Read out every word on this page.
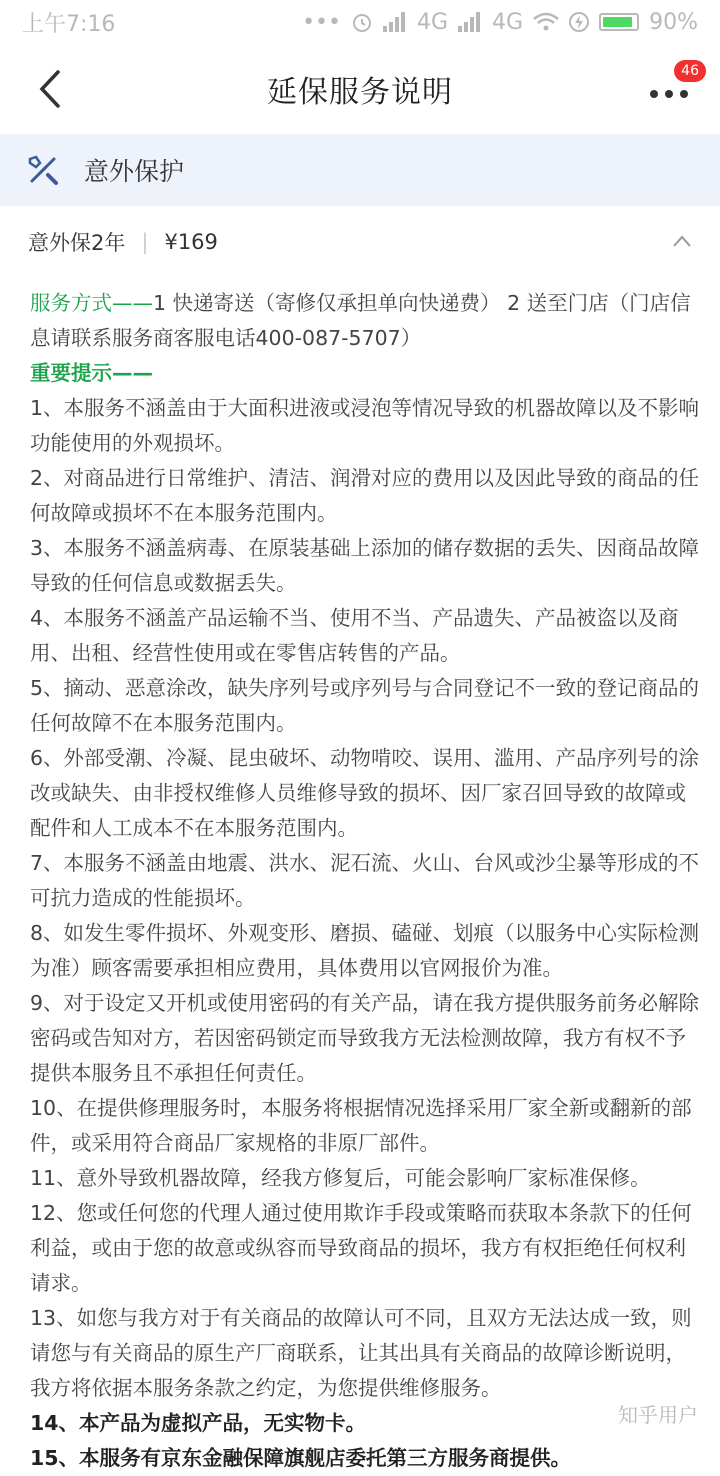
上午7:16	•••	4G 4G	90%
延保服务说明
46
意外保护
意外保2年 | ¥169

服务方式——1 快递寄送（寄修仅承担单向快递费） 2 送至门店（门店信息请联系服务商客服电话400-087-5707）

重要提示——

1、本服务不涵盖由于大面积进液或浸泡等情况导致的机器故障以及不影响功能使用的外观损坏。

2、对商品进行日常维护、清洁、润滑对应的费用以及因此导致的商品的任何故障或损坏不在本服务范围内。

3、本服务不涵盖病毒、在原装基础上添加的储存数据的丢失、因商品故障导致的任何信息或数据丢失。

4、本服务不涵盖产品运输不当、使用不当、产品遗失、产品被盗以及商用、出租、经营性使用或在零售店转售的产品。

5、摘动、恶意涂改，缺失序列号或序列号与合同登记不一致的登记商品的任何故障不在本服务范围内。

6、外部受潮、冷凝、昆虫破坏、动物啃咬、误用、滥用、产品序列号的涂改或缺失、由非授权维修人员维修导致的损坏、因厂家召回导致的故障或配件和人工成本不在本服务范围内。

7、本服务不涵盖由地震、洪水、泥石流、火山、台风或沙尘暴等形成的不可抗力造成的性能损坏。

8、如发生零件损坏、外观变形、磨损、磕碰、划痕（以服务中心实际检测为准）顾客需要承担相应费用，具体费用以官网报价为准。

9、对于设定又开机或使用密码的有关产品，请在我方提供服务前务必解除密码或告知对方，若因密码锁定而导致我方无法检测故障，我方有权不予提供本服务且不承担任何责任。

10、在提供修理服务时，本服务将根据情况选择采用厂家全新或翻新的部件，或采用符合商品厂家规格的非原厂部件。

11、意外导致机器故障，经我方修复后，可能会影响厂家标准保修。

12、您或任何您的代理人通过使用欺诈手段或策略而获取本条款下的任何利益，或由于您的故意或纵容而导致商品的损坏，我方有权拒绝任何权利请求。

13、如您与我方对于有关商品的故障认可不同，且双方无法达成一致，则请您与有关商品的原生产厂商联系，让其出具有关商品的故障诊断说明，我方将依据本服务条款之约定，为您提供维修服务。

14、本产品为虚拟产品，无实物卡。

15、本服务有京东金融保障旗舰店委托第三方服务商提供。	知乎用户
